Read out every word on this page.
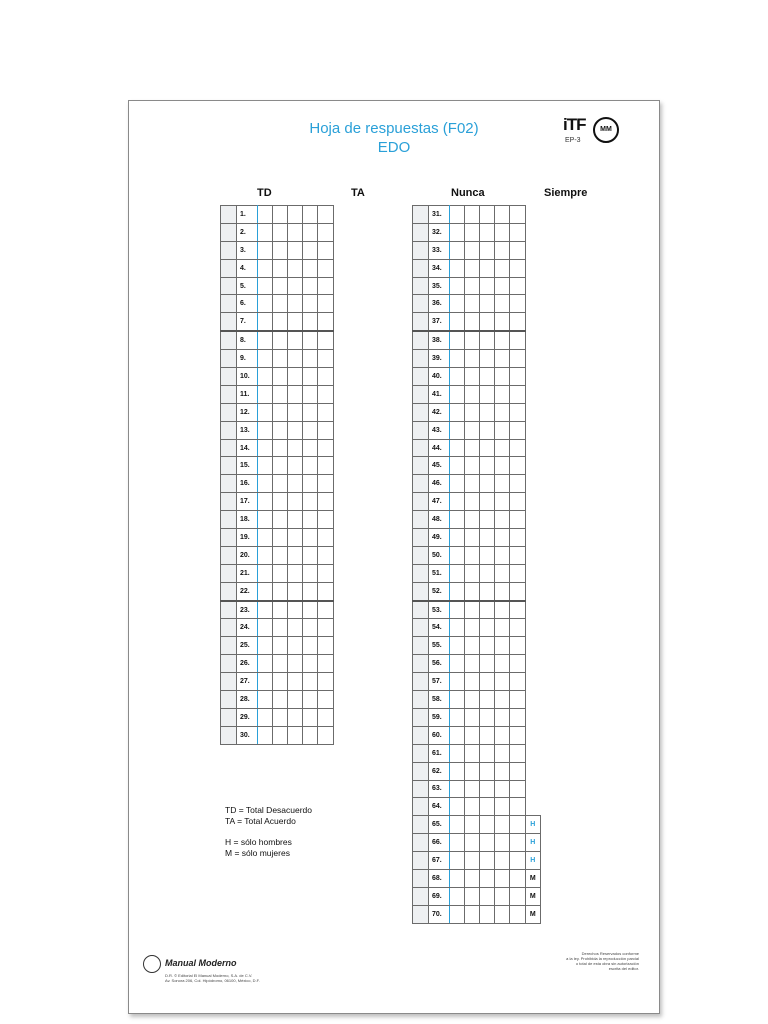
Hoja de respuestas (F02)
EDO
iTF
EP-3
MM
TD	TA	Nunca	Siempre
	1.					
	2.					
	3.					
	4.					
	5.					
	6.					
	7.					
	8.					
	9.					
	10.					
	11.					
	12.					
	13.					
	14.					
	15.					
	16.					
	17.					
	18.					
	19.					
	20.					
	21.					
	22.					
	23.					
	24.					
	25.					
	26.					
	27.					
	28.					
	29.					
	30.					
	31.						
	32.						
	33.						
	34.						
	35.						
	36.						
	37.						
	38.						
	39.						
	40.						
	41.						
	42.						
	43.						
	44.						
	45.						
	46.						
	47.						
	48.						
	49.						
	50.						
	51.						
	52.						
	53.						
	54.						
	55.						
	56.						
	57.						
	58.						
	59.						
	60.						
	61.						
	62.						
	63.						
	64.						
	65.						H
	66.						H
	67.						H
	68.						M
	69.						M
	70.						M
TD = Total Desacuerdo
TA = Total Acuerdo
H = sólo hombres
M = sólo mujeres
Manual Moderno
D.R. © Editorial El Manual Moderno, S.A. de C.V.
Av. Sonora 206, Col. Hipódromo, 06100, México, D.F.
Derechos Reservados conforme
a la ley. Prohibida la reproducción parcial
o total de esta obra sin autorización
escrita del editor.
